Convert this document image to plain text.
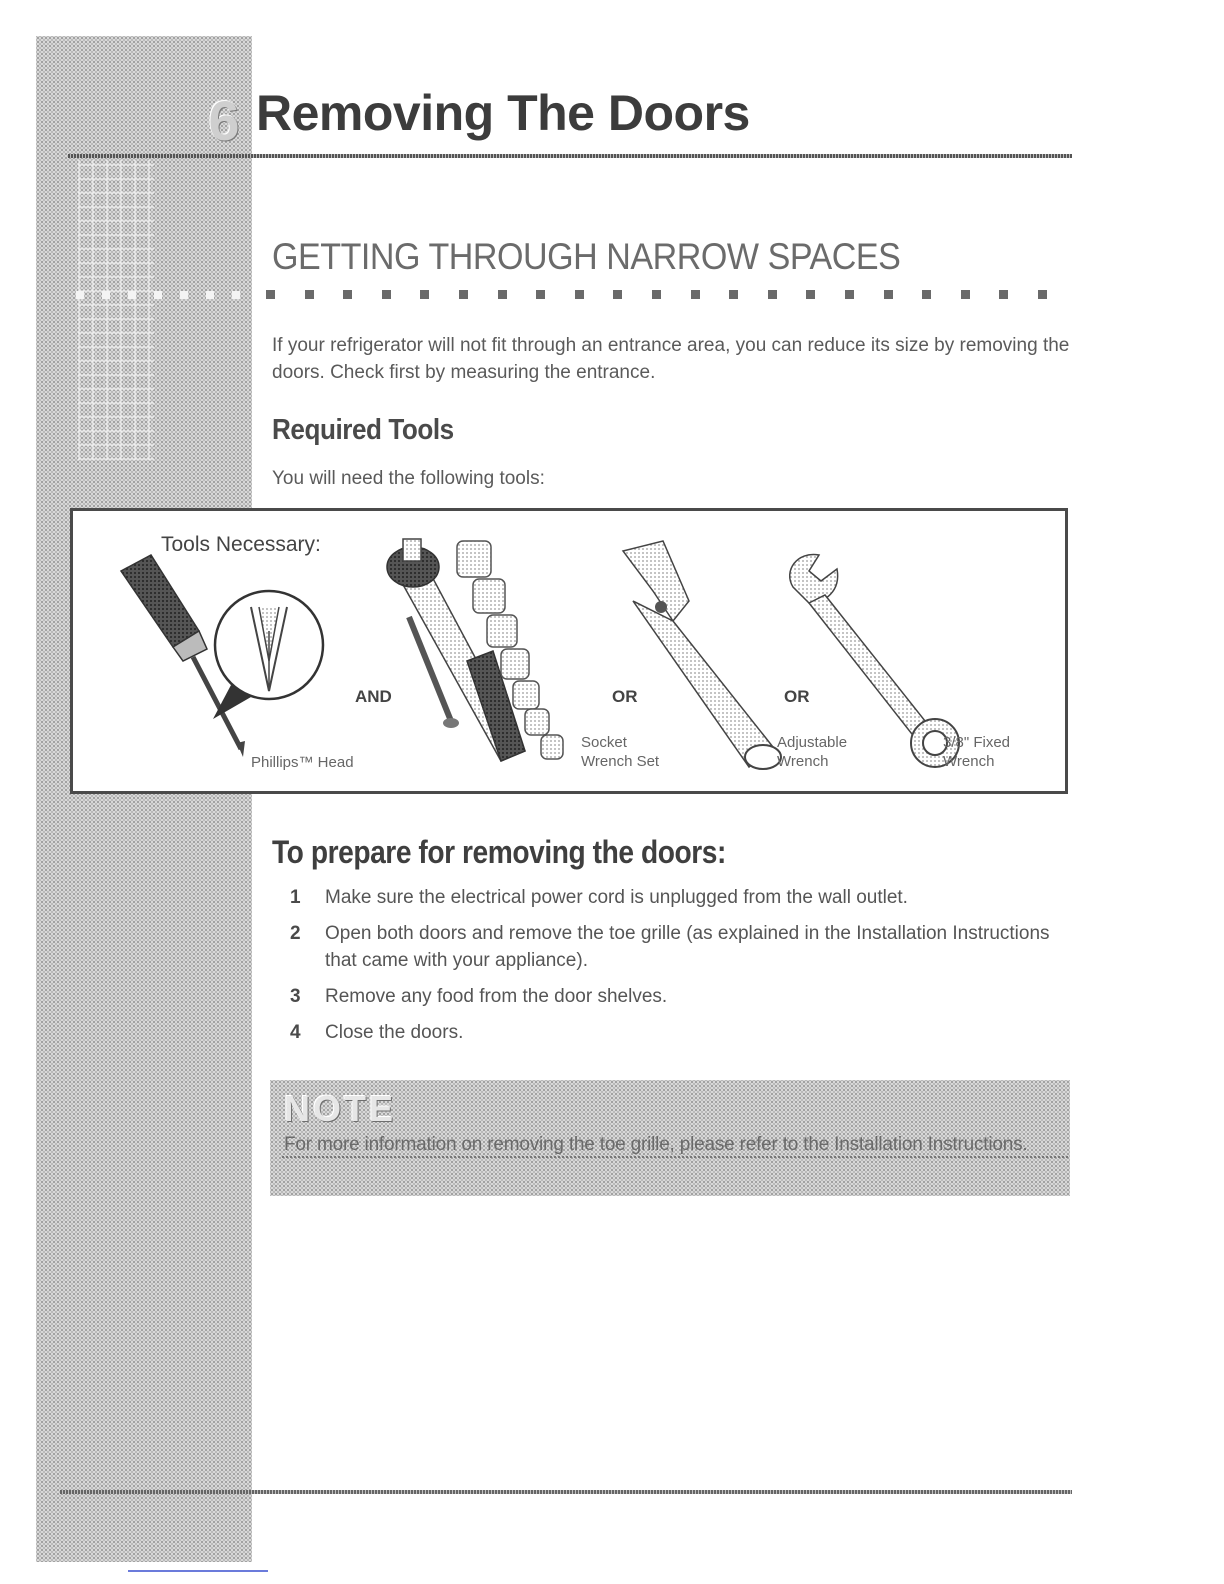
6 Removing The Doors
GETTING THROUGH NARROW SPACES

If your refrigerator will not fit through an entrance area, you can reduce its size by removing the doors. Check first by measuring the entrance.

Required Tools

You will need the following tools:

Tools Necessary:
AND	OR	OR
Phillips™ Head
Socket
Wrench Set
Adjustable
Wrench
3/8" Fixed
Wrench
To prepare for removing the doors:
1	Make sure the electrical power cord is unplugged from the wall outlet.
2	Open both doors and remove the toe grille (as explained in the Installation Instructions that came with your appliance).
3	Remove any food from the door shelves.
4	Close the doors.
NOTE
For more information on removing the toe grille, please refer to the Installation Instructions.
